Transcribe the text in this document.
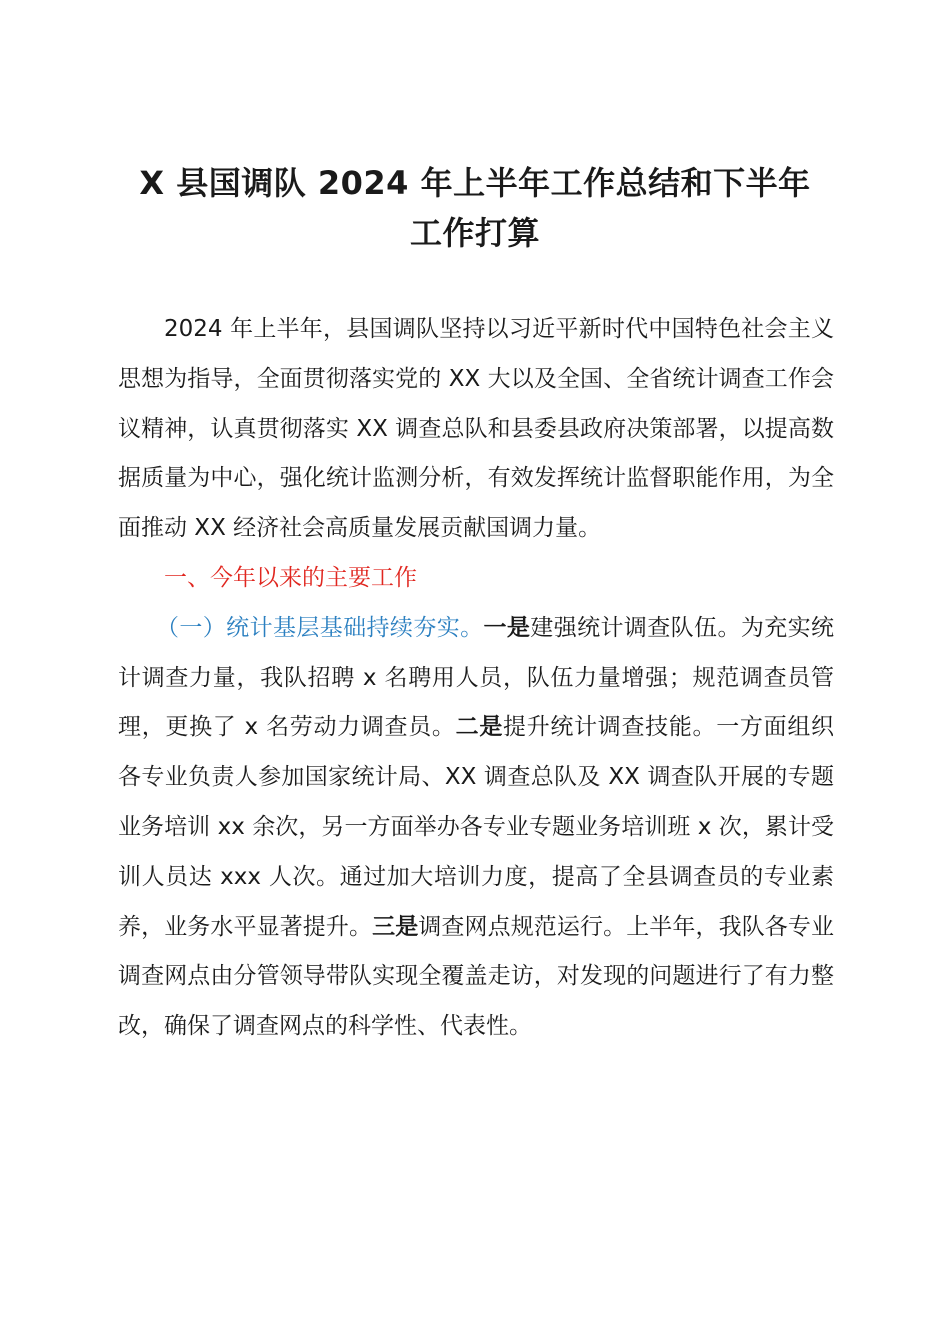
X 县国调队 2024 年上半年工作总结和下半年
工作打算

2024 年上半年，县国调队坚持以习近平新时代中国特色社会主义思想为指导，全面贯彻落实党的 XX 大以及全国、全省统计调查工作会议精神，认真贯彻落实 XX 调查总队和县委县政府决策部署，以提高数据质量为中心，强化统计监测分析，有效发挥统计监督职能作用，为全面推动 XX 经济社会高质量发展贡献国调力量。

一、今年以来的主要工作

（一）统计基层基础持续夯实。一是建强统计调查队伍。为充实统计调查力量，我队招聘 x 名聘用人员，队伍力量增强；规范调查员管理，更换了 x 名劳动力调查员。二是提升统计调查技能。一方面组织各专业负责人参加国家统计局、XX 调查总队及 XX 调查队开展的专题业务培训 xx 余次，另一方面举办各专业专题业务培训班 x 次，累计受训人员达 xxx 人次。通过加大培训力度，提高了全县调查员的专业素养，业务水平显著提升。三是调查网点规范运行。上半年，我队各专业调查网点由分管领导带队实现全覆盖走访，对发现的问题进行了有力整改，确保了调查网点的科学性、代表性。
